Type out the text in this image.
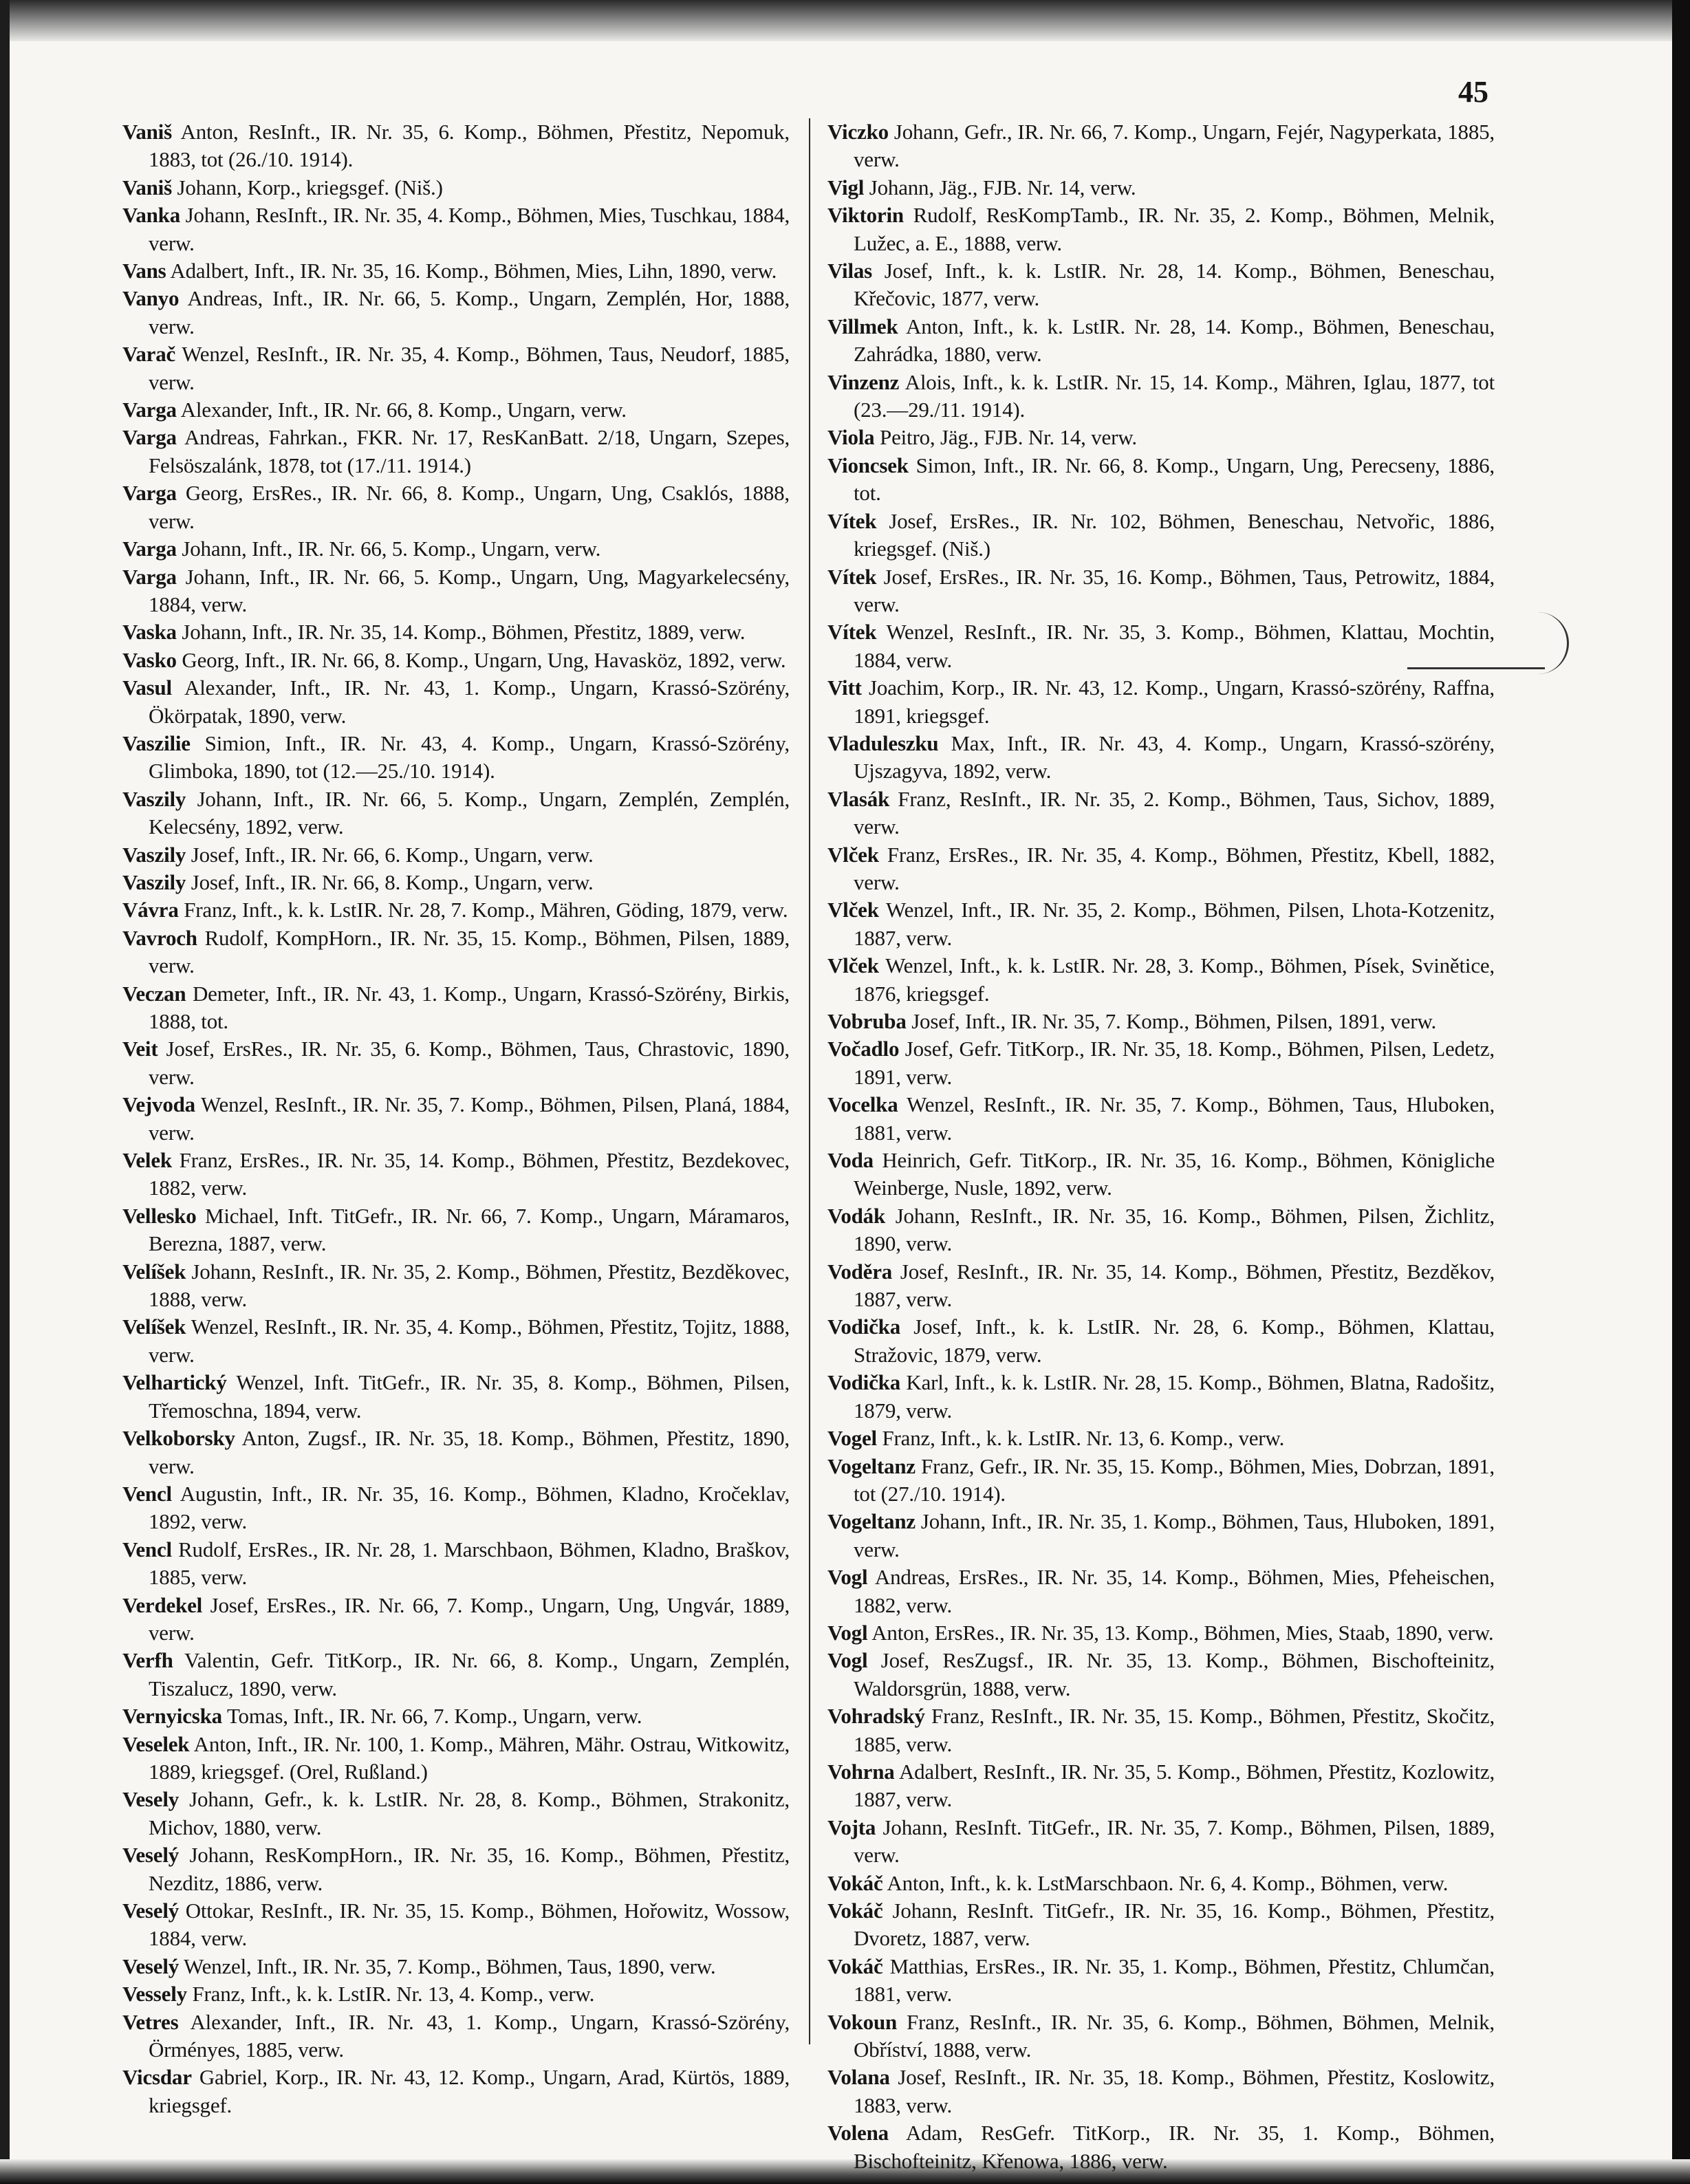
45

Vaniš Anton, ResInft., IR. Nr. 35, 6. Komp., Böhmen, Přestitz, Nepomuk, 1883, tot (26./10. 1914).

Vaniš Johann, Korp., kriegsgef. (Niš.)

Vanka Johann, ResInft., IR. Nr. 35, 4. Komp., Böhmen, Mies, Tuschkau, 1884, verw.

Vans Adalbert, Inft., IR. Nr. 35, 16. Komp., Böhmen, Mies, Lihn, 1890, verw.

Vanyo Andreas, Inft., IR. Nr. 66, 5. Komp., Ungarn, Zemplén, Hor, 1888, verw.

Varač Wenzel, ResInft., IR. Nr. 35, 4. Komp., Böhmen, Taus, Neudorf, 1885, verw.

Varga Alexander, Inft., IR. Nr. 66, 8. Komp., Ungarn, verw.

Varga Andreas, Fahrkan., FKR. Nr. 17, ResKanBatt. 2/18, Ungarn, Szepes, Felsöszalánk, 1878, tot (17./11. 1914.)

Varga Georg, ErsRes., IR. Nr. 66, 8. Komp., Ungarn, Ung, Csaklós, 1888, verw.

Varga Johann, Inft., IR. Nr. 66, 5. Komp., Ungarn, verw.

Varga Johann, Inft., IR. Nr. 66, 5. Komp., Ungarn, Ung, Magyarkelecsény, 1884, verw.

Vaska Johann, Inft., IR. Nr. 35, 14. Komp., Böhmen, Přestitz, 1889, verw.

Vasko Georg, Inft., IR. Nr. 66, 8. Komp., Ungarn, Ung, Havasköz, 1892, verw.

Vasul Alexander, Inft., IR. Nr. 43, 1. Komp., Ungarn, Krassó-Szörény, Ökörpatak, 1890, verw.

Vaszilie Simion, Inft., IR. Nr. 43, 4. Komp., Ungarn, Krassó-Szörény, Glimboka, 1890, tot (12.—25./10. 1914).

Vaszily Johann, Inft., IR. Nr. 66, 5. Komp., Ungarn, Zemplén, Zemplén, Kelecsény, 1892, verw.

Vaszily Josef, Inft., IR. Nr. 66, 6. Komp., Ungarn, verw.

Vaszily Josef, Inft., IR. Nr. 66, 8. Komp., Ungarn, verw.

Vávra Franz, Inft., k. k. LstIR. Nr. 28, 7. Komp., Mähren, Göding, 1879, verw.

Vavroch Rudolf, KompHorn., IR. Nr. 35, 15. Komp., Böhmen, Pilsen, 1889, verw.

Veczan Demeter, Inft., IR. Nr. 43, 1. Komp., Ungarn, Krassó-Szörény, Birkis, 1888, tot.

Veit Josef, ErsRes., IR. Nr. 35, 6. Komp., Böhmen, Taus, Chrastovic, 1890, verw.

Vejvoda Wenzel, ResInft., IR. Nr. 35, 7. Komp., Böhmen, Pilsen, Planá, 1884, verw.

Velek Franz, ErsRes., IR. Nr. 35, 14. Komp., Böhmen, Přestitz, Bezdekovec, 1882, verw.

Vellesko Michael, Inft. TitGefr., IR. Nr. 66, 7. Komp., Ungarn, Máramaros, Berezna, 1887, verw.

Velíšek Johann, ResInft., IR. Nr. 35, 2. Komp., Böhmen, Přestitz, Bezděkovec, 1888, verw.

Velíšek Wenzel, ResInft., IR. Nr. 35, 4. Komp., Böhmen, Přestitz, Tojitz, 1888, verw.

Velhartický Wenzel, Inft. TitGefr., IR. Nr. 35, 8. Komp., Böhmen, Pilsen, Třemoschna, 1894, verw.

Velkoborsky Anton, Zugsf., IR. Nr. 35, 18. Komp., Böhmen, Přestitz, 1890, verw.

Vencl Augustin, Inft., IR. Nr. 35, 16. Komp., Böhmen, Kladno, Kročeklav, 1892, verw.

Vencl Rudolf, ErsRes., IR. Nr. 28, 1. Marschbaon, Böhmen, Kladno, Braškov, 1885, verw.

Verdekel Josef, ErsRes., IR. Nr. 66, 7. Komp., Ungarn, Ung, Ungvár, 1889, verw.

Verfh Valentin, Gefr. TitKorp., IR. Nr. 66, 8. Komp., Ungarn, Zemplén, Tiszalucz, 1890, verw.

Vernyicska Tomas, Inft., IR. Nr. 66, 7. Komp., Ungarn, verw.

Veselek Anton, Inft., IR. Nr. 100, 1. Komp., Mähren, Mähr. Ostrau, Witkowitz, 1889, kriegsgef. (Orel, Rußland.)

Vesely Johann, Gefr., k. k. LstIR. Nr. 28, 8. Komp., Böhmen, Strakonitz, Michov, 1880, verw.

Veselý Johann, ResKompHorn., IR. Nr. 35, 16. Komp., Böhmen, Přestitz, Nezditz, 1886, verw.

Veselý Ottokar, ResInft., IR. Nr. 35, 15. Komp., Böhmen, Hořowitz, Wossow, 1884, verw.

Veselý Wenzel, Inft., IR. Nr. 35, 7. Komp., Böhmen, Taus, 1890, verw.

Vessely Franz, Inft., k. k. LstIR. Nr. 13, 4. Komp., verw.

Vetres Alexander, Inft., IR. Nr. 43, 1. Komp., Ungarn, Krassó-Szörény, Örményes, 1885, verw.

Vicsdar Gabriel, Korp., IR. Nr. 43, 12. Komp., Ungarn, Arad, Kürtös, 1889, kriegsgef.

Viczko Johann, Gefr., IR. Nr. 66, 7. Komp., Ungarn, Fejér, Nagyperkata, 1885, verw.

Vigl Johann, Jäg., FJB. Nr. 14, verw.

Viktorin Rudolf, ResKompTamb., IR. Nr. 35, 2. Komp., Böhmen, Melnik, Lužec, a. E., 1888, verw.

Vilas Josef, Inft., k. k. LstIR. Nr. 28, 14. Komp., Böhmen, Beneschau, Křečovic, 1877, verw.

Villmek Anton, Inft., k. k. LstIR. Nr. 28, 14. Komp., Böhmen, Beneschau, Zahrádka, 1880, verw.

Vinzenz Alois, Inft., k. k. LstIR. Nr. 15, 14. Komp., Mähren, Iglau, 1877, tot (23.—29./11. 1914).

Viola Peitro, Jäg., FJB. Nr. 14, verw.

Vioncsek Simon, Inft., IR. Nr. 66, 8. Komp., Ungarn, Ung, Perecseny, 1886, tot.

Vítek Josef, ErsRes., IR. Nr. 102, Böhmen, Beneschau, Netvořic, 1886, kriegsgef. (Niš.)

Vítek Josef, ErsRes., IR. Nr. 35, 16. Komp., Böhmen, Taus, Petrowitz, 1884, verw.

Vítek Wenzel, ResInft., IR. Nr. 35, 3. Komp., Böhmen, Klattau, Mochtin, 1884, verw.

Vitt Joachim, Korp., IR. Nr. 43, 12. Komp., Ungarn, Krassó-szörény, Raffna, 1891, kriegsgef.

Vladuleszku Max, Inft., IR. Nr. 43, 4. Komp., Ungarn, Krassó-szörény, Ujszagyva, 1892, verw.

Vlasák Franz, ResInft., IR. Nr. 35, 2. Komp., Böhmen, Taus, Sichov, 1889, verw.

Vlček Franz, ErsRes., IR. Nr. 35, 4. Komp., Böhmen, Přestitz, Kbell, 1882, verw.

Vlček Wenzel, Inft., IR. Nr. 35, 2. Komp., Böhmen, Pilsen, Lhota-Kotzenitz, 1887, verw.

Vlček Wenzel, Inft., k. k. LstIR. Nr. 28, 3. Komp., Böhmen, Písek, Svinětice, 1876, kriegsgef.

Vobruba Josef, Inft., IR. Nr. 35, 7. Komp., Böhmen, Pilsen, 1891, verw.

Vočadlo Josef, Gefr. TitKorp., IR. Nr. 35, 18. Komp., Böhmen, Pilsen, Ledetz, 1891, verw.

Vocelka Wenzel, ResInft., IR. Nr. 35, 7. Komp., Böhmen, Taus, Hluboken, 1881, verw.

Voda Heinrich, Gefr. TitKorp., IR. Nr. 35, 16. Komp., Böhmen, Königliche Weinberge, Nusle, 1892, verw.

Vodák Johann, ResInft., IR. Nr. 35, 16. Komp., Böhmen, Pilsen, Žichlitz, 1890, verw.

Voděra Josef, ResInft., IR. Nr. 35, 14. Komp., Böhmen, Přestitz, Bezděkov, 1887, verw.

Vodička Josef, Inft., k. k. LstIR. Nr. 28, 6. Komp., Böhmen, Klattau, Stražovic, 1879, verw.

Vodička Karl, Inft., k. k. LstIR. Nr. 28, 15. Komp., Böhmen, Blatna, Radošitz, 1879, verw.

Vogel Franz, Inft., k. k. LstIR. Nr. 13, 6. Komp., verw.

Vogeltanz Franz, Gefr., IR. Nr. 35, 15. Komp., Böhmen, Mies, Dobrzan, 1891, tot (27./10. 1914).

Vogeltanz Johann, Inft., IR. Nr. 35, 1. Komp., Böhmen, Taus, Hluboken, 1891, verw.

Vogl Andreas, ErsRes., IR. Nr. 35, 14. Komp., Böhmen, Mies, Pfeheischen, 1882, verw.

Vogl Anton, ErsRes., IR. Nr. 35, 13. Komp., Böhmen, Mies, Staab, 1890, verw.

Vogl Josef, ResZugsf., IR. Nr. 35, 13. Komp., Böhmen, Bischofteinitz, Waldorsgrün, 1888, verw.

Vohradský Franz, ResInft., IR. Nr. 35, 15. Komp., Böhmen, Přestitz, Skočitz, 1885, verw.

Vohrna Adalbert, ResInft., IR. Nr. 35, 5. Komp., Böhmen, Přestitz, Kozlowitz, 1887, verw.

Vojta Johann, ResInft. TitGefr., IR. Nr. 35, 7. Komp., Böhmen, Pilsen, 1889, verw.

Vokáč Anton, Inft., k. k. LstMarschbaon. Nr. 6, 4. Komp., Böhmen, verw.

Vokáč Johann, ResInft. TitGefr., IR. Nr. 35, 16. Komp., Böhmen, Přestitz, Dvoretz, 1887, verw.

Vokáč Matthias, ErsRes., IR. Nr. 35, 1. Komp., Böhmen, Přestitz, Chlumčan, 1881, verw.

Vokoun Franz, ResInft., IR. Nr. 35, 6. Komp., Böhmen, Böhmen, Melnik, Obříství, 1888, verw.

Volana Josef, ResInft., IR. Nr. 35, 18. Komp., Böhmen, Přestitz, Koslowitz, 1883, verw.

Volena Adam, ResGefr. TitKorp., IR. Nr. 35, 1. Komp., Böhmen, Bischofteinitz, Křenowa, 1886, verw.
